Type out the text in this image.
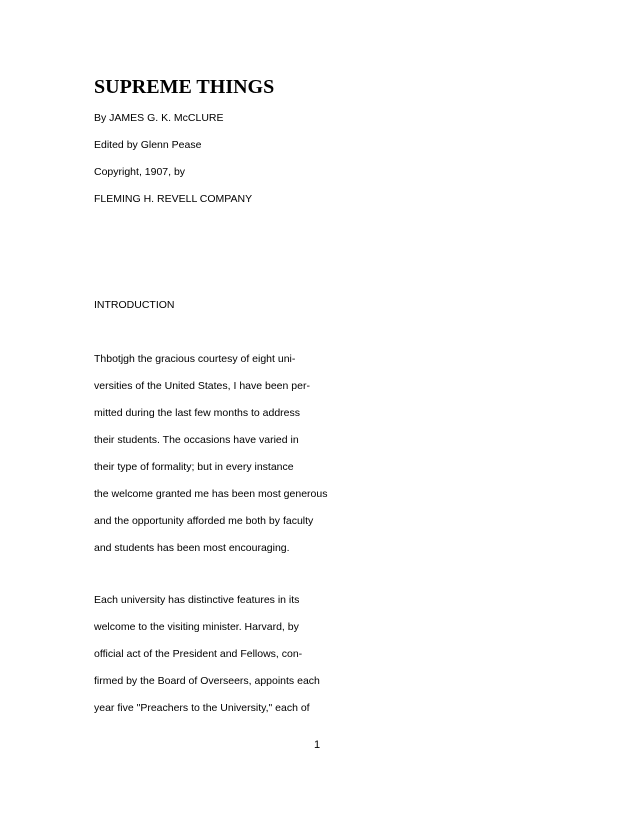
SUPREME THINGS

By JAMES G. K. McCLURE

Edited by Glenn Pease

Copyright, 1907, by

FLEMING H. REVELL COMPANY

INTRODUCTION

Thbotjgh the gracious courtesy of eight uni-

versities of the United States, I have been per-

mitted during the last few months to address

their students. The occasions have varied in

their type of formality; but in every instance

the welcome granted me has been most generous

and the opportunity afforded me both by faculty

and students has been most encouraging.

Each university has distinctive features in its

welcome to the visiting minister. Harvard, by

official act of the President and Fellows, con-

firmed by the Board of Overseers, appoints each

year five "Preachers to the University," each of

1
